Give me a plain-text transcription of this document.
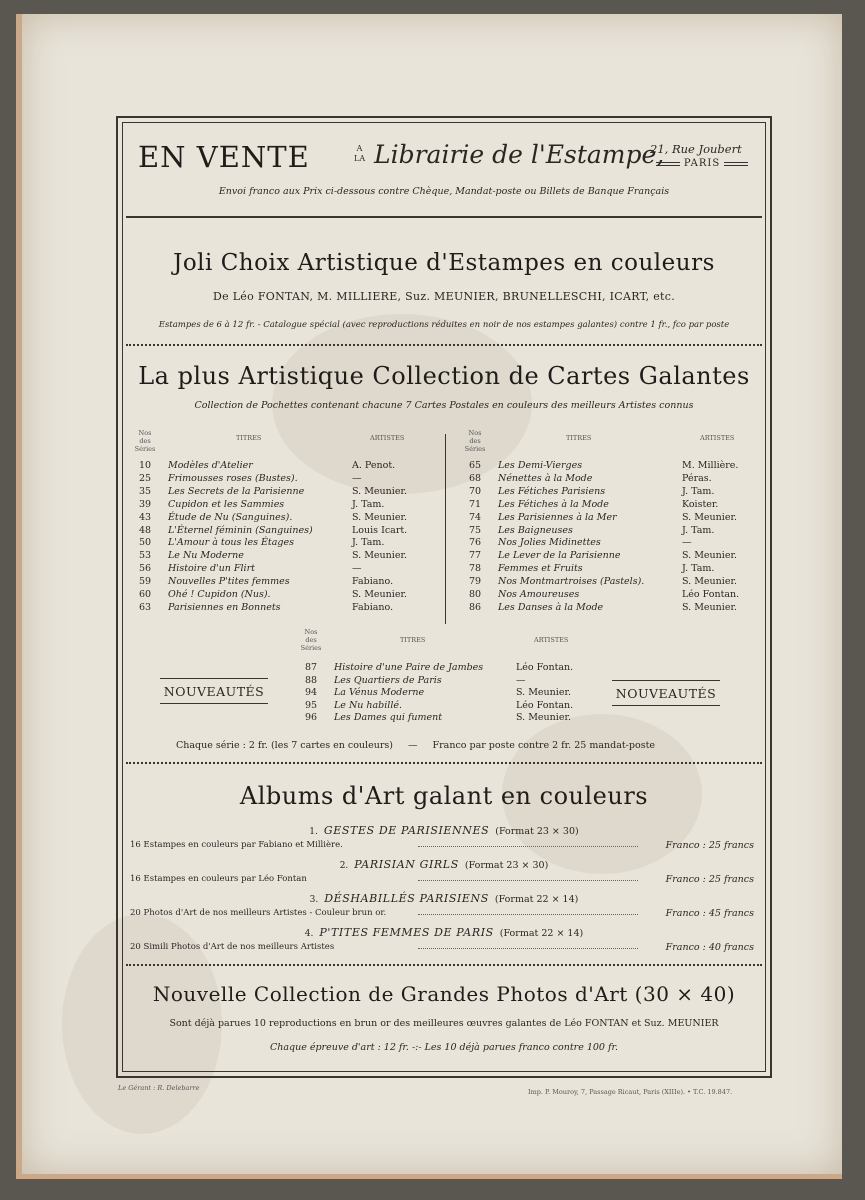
EN VENTE	A
LA Librairie de l'Estampe,
21, Rue Joubert
PARIS
Envoi franco aux Prix ci-dessous contre Chèque, Mandat-poste ou Billets de Banque Français
Joli Choix Artistique d'Estampes en couleurs
De Léo FONTAN, M. MILLIERE, Suz. MEUNIER, BRUNELLESCHI, ICART, etc.
Estampes de 6 à 12 fr. - Catalogue spécial (avec reproductions réduites en noir de nos estampes galantes) contre 1 fr., fco par poste
La plus Artistique Collection de Cartes Galantes
Collection de Pochettes contenant chacune 7 Cartes Postales en couleurs des meilleurs Artistes connus
Nos des Séries
TITRES	ARTISTES
Nos des Séries
TITRES	ARTISTES
10	Modèles d'Atelier	A. Penot.
25	Frimousses roses (Bustes).	—
35	Les Secrets de la Parisienne	S. Meunier.
39	Cupidon et les Sammies	J. Tam.
43	Étude de Nu (Sanguines).	S. Meunier.
48	L'Éternel féminin (Sanguines)	Louis Icart.
50	L'Amour à tous les Étages	J. Tam.
53	Le Nu Moderne	S. Meunier.
56	Histoire d'un Flirt	—
59	Nouvelles P'tites femmes	Fabiano.
60	Ohé ! Cupidon (Nus).	S. Meunier.
63	Parisiennes en Bonnets	Fabiano.
65	Les Demi-Vierges	M. Millière.
68	Nénettes à la Mode	Péras.
70	Les Fétiches Parisiens	J. Tam.
71	Les Fétiches à la Mode	Koister.
74	Les Parisiennes à la Mer	S. Meunier.
75	Les Baigneuses	J. Tam.
76	Nos Jolies Midinettes	—
77	Le Lever de la Parisienne	S. Meunier.
78	Femmes et Fruits	J. Tam.
79	Nos Montmartroises (Pastels).	S. Meunier.
80	Nos Amoureuses	Léo Fontan.
86	Les Danses à la Mode	S. Meunier.
Nos des Séries
TITRES	ARTISTES
NOUVEAUTÉS	NOUVEAUTÉS
87	Histoire d'une Paire de Jambes	Léo Fontan.
88	Les Quartiers de Paris	—
94	La Vénus Moderne	S. Meunier.
95	Le Nu habillé.	Léo Fontan.
96	Les Dames qui fument	S. Meunier.
Chaque série : 2 fr. (les 7 cartes en couleurs) — Franco par poste contre 2 fr. 25 mandat-poste
Albums d'Art galant en couleurs
1. GESTES DE PARISIENNES (Format 23 × 30)
16 Estampes en couleurs par Fabiano et Millière.	Franco : 25 francs
2. PARISIAN GIRLS (Format 23 × 30)
16 Estampes en couleurs par Léo Fontan	Franco : 25 francs
3. DÉSHABILLÉS PARISIENS (Format 22 × 14)
20 Photos d'Art de nos meilleurs Artistes - Couleur brun or.	Franco : 45 francs
4. P'TITES FEMMES DE PARIS (Format 22 × 14)
20 Simili Photos d'Art de nos meilleurs Artistes	Franco : 40 francs
Nouvelle Collection de Grandes Photos d'Art (30 × 40)
Sont déjà parues 10 reproductions en brun or des meilleures œuvres galantes de Léo FONTAN et Suz. MEUNIER
Chaque épreuve d'art : 12 fr. -:- Les 10 déjà parues franco contre 100 fr.
Le Gérant : R. Delebarre	Imp. P. Mouroy, 7, Passage Ricaut, Paris (XIIIe). • T.C. 19.847.
